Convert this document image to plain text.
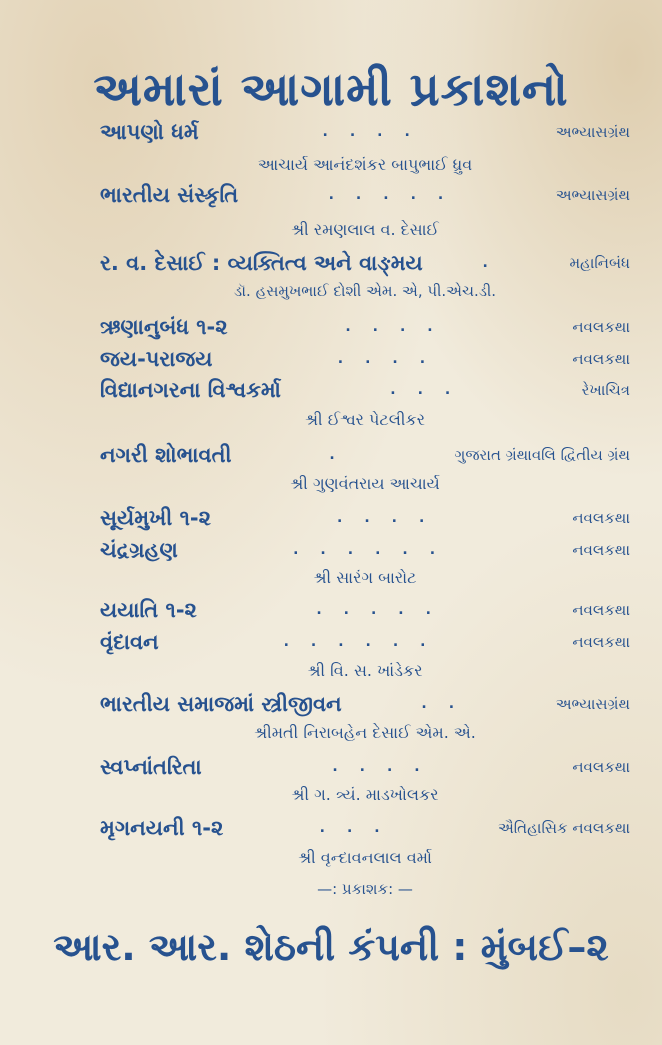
અમારાં આગામી પ્રકાશનો
આપણો ધર્મ	....	અભ્યાસગ્રંથ
આચાર્ય આનંદશંકર બાપુભાઈ ધ્રુવ
ભારતીય સંસ્કૃતિ	.....	અભ્યાસગ્રંથ
શ્રી રમણલાલ વ. દેસાઈ
ર. વ. દેસાઈ : વ્યક્તિત્વ અને વાઙ્મય	.	મહાનિબંધ
ડૉ. હસમુખભાઈ દોશી એમ. એ, પી.એચ.ડી.
ઋણાનુબંધ ૧-૨	....	નવલકથા
જય-પરાજય	....	નવલકથા
વિદ્યાનગરના વિશ્વકર્મા	...	રેખાચિત્ર
શ્રી ઈશ્વર પેટલીકર
નગરી શોભાવતી	.	ગુજરાત ગ્રંથાવલિ દ્વિતીય ગ્રંથ
શ્રી ગુણવંતરાય આચાર્ય
સૂર્યમુખી ૧-૨	....	નવલકથા
ચંદ્રગ્રહણ	......	નવલકથા
શ્રી સારંગ બારોટ
યયાતિ ૧-૨	.....	નવલકથા
વૃંદાવન	......	નવલકથા
શ્રી વિ. સ. ખાંડેકર
ભારતીય સમાજમાં સ્ત્રીજીવન	..	અભ્યાસગ્રંથ
શ્રીમતી નિરાબહેન દેસાઈ એમ. એ.
સ્વપ્નાંતરિતા	....	નવલકથા
શ્રી ગ. ત્ર્યં. માડખોલકર
મૃગનયની ૧-૨	...	ઐતિહાસિક નવલકથા
શ્રી વૃન્દાવનલાલ વર્મા
—: પ્રકાશક: —
આર. આર. શેઠની કંપની : મુંબઈ–૨
